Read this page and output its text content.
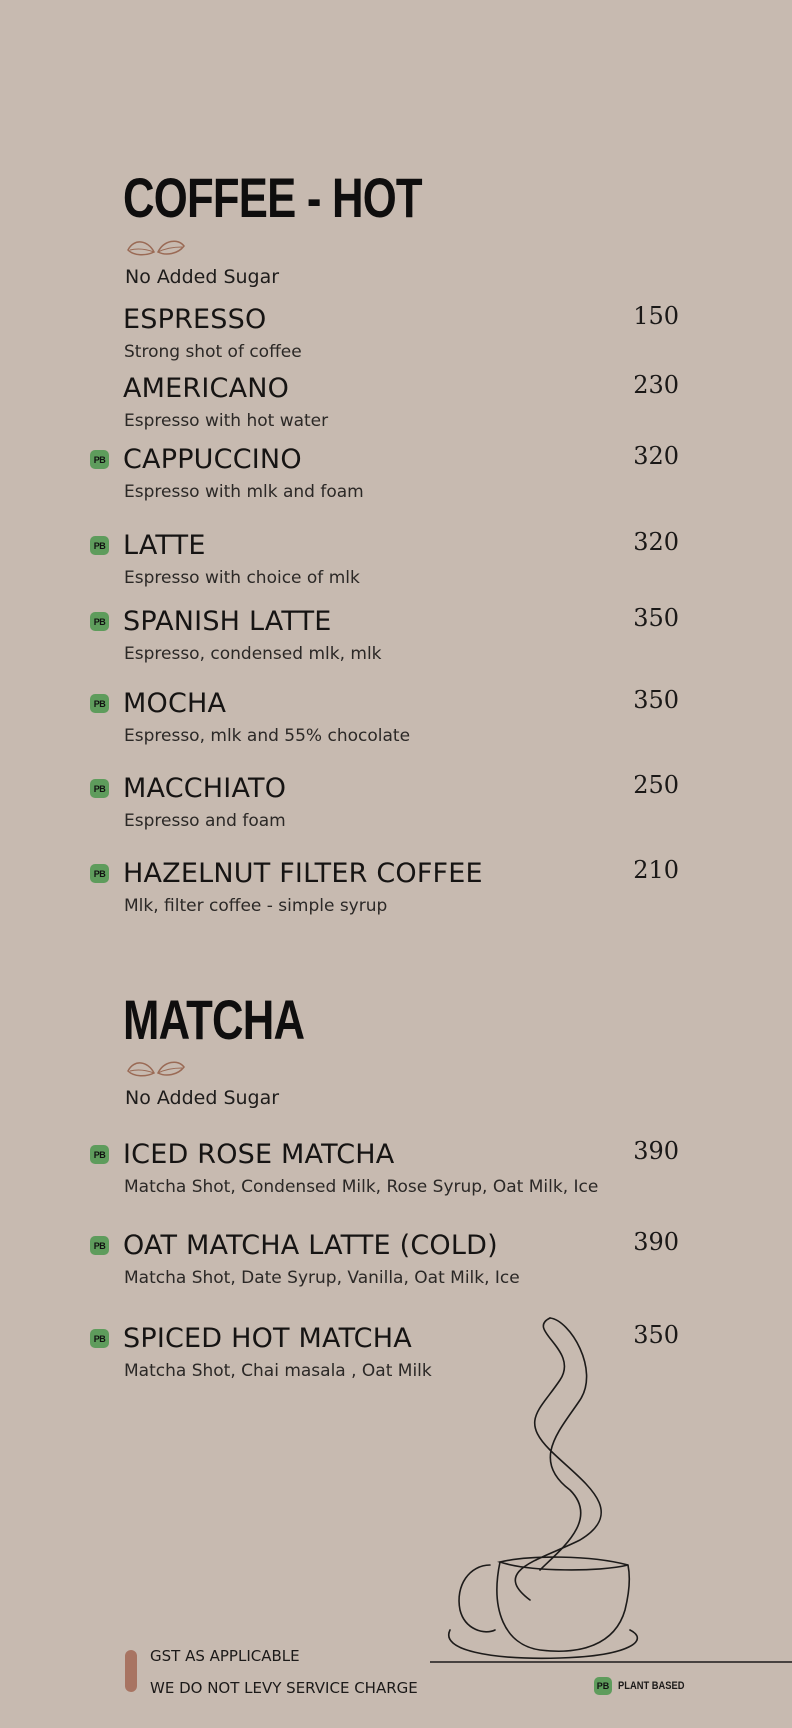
COFFEE - HOT
No Added Sugar
ESPRESSO
Strong shot of coffee
150
AMERICANO
Espresso with hot water
230
PB CAPPUCCINO
Espresso with mlk and foam
320
PB LATTE
Espresso with choice of mlk
320
PB SPANISH LATTE
Espresso, condensed mlk, mlk
350
PB MOCHA
Espresso, mlk and 55% chocolate
350
PB MACCHIATO
Espresso and foam
250
PB HAZELNUT FILTER COFFEE
Mlk, filter coffee - simple syrup
210
MATCHA
No Added Sugar
PB ICED ROSE MATCHA
Matcha Shot, Condensed Milk, Rose Syrup, Oat Milk, Ice
390
PB OAT MATCHA LATTE (COLD)
Matcha Shot, Date Syrup, Vanilla, Oat Milk, Ice
390
PB SPICED HOT MATCHA
Matcha Shot, Chai masala , Oat Milk
350
GST AS APPLICABLE
WE DO NOT LEVY SERVICE CHARGE	PB PLANT BASED
